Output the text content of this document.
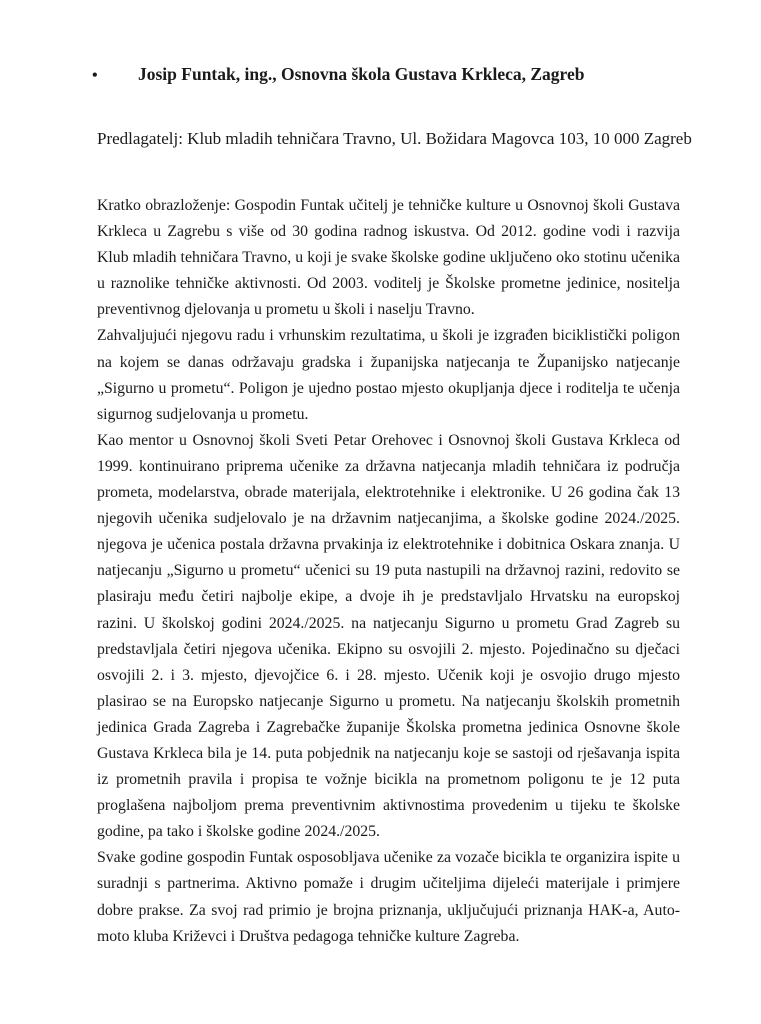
• Josip Funtak, ing., Osnovna škola Gustava Krkleca, Zagreb
Predlagatelj: Klub mladih tehničara Travno, Ul. Božidara Magovca 103, 10 000 Zagreb

Kratko obrazloženje: Gospodin Funtak učitelj je tehničke kulture u Osnovnoj školi Gustava Krkleca u Zagrebu s više od 30 godina radnog iskustva. Od 2012. godine vodi i razvija Klub mladih tehničara Travno, u koji je svake školske godine uključeno oko stotinu učenika u raznolike tehničke aktivnosti. Od 2003. voditelj je Školske prometne jedinice, nositelja preventivnog djelovanja u prometu u školi i naselju Travno.

Zahvaljujući njegovu radu i vrhunskim rezultatima, u školi je izgrađen biciklistički poligon na kojem se danas održavaju gradska i županijska natjecanja te Županijsko natjecanje „Sigurno u prometu“. Poligon je ujedno postao mjesto okupljanja djece i roditelja te učenja sigurnog sudjelovanja u prometu.

Kao mentor u Osnovnoj školi Sveti Petar Orehovec i Osnovnoj školi Gustava Krkleca od 1999. kontinuirano priprema učenike za državna natjecanja mladih tehničara iz područja prometa, modelarstva, obrade materijala, elektrotehnike i elektronike. U 26 godina čak 13 njegovih učenika sudjelovalo je na državnim natjecanjima, a školske godine 2024./2025. njegova je učenica postala državna prvakinja iz elektrotehnike i dobitnica Oskara znanja. U natjecanju „Sigurno u prometu“ učenici su 19 puta nastupili na državnoj razini, redovito se plasiraju među četiri najbolje ekipe, a dvoje ih je predstavljalo Hrvatsku na europskoj razini. U školskoj godini 2024./2025. na natjecanju Sigurno u prometu Grad Zagreb su predstavljala četiri njegova učenika. Ekipno su osvojili 2. mjesto. Pojedinačno su dječaci osvojili 2. i 3. mjesto, djevojčice 6. i 28. mjesto. Učenik koji je osvojio drugo mjesto plasirao se na Europsko natjecanje Sigurno u prometu. Na natjecanju školskih prometnih jedinica Grada Zagreba i Zagrebačke županije Školska prometna jedinica Osnovne škole Gustava Krkleca bila je 14. puta pobjednik na natjecanju koje se sastoji od rješavanja ispita iz prometnih pravila i propisa te vožnje bicikla na prometnom poligonu te je 12 puta proglašena najboljom prema preventivnim aktivnostima provedenim u tijeku te školske godine, pa tako i školske godine 2024./2025.

Svake godine gospodin Funtak osposobljava učenike za vozače bicikla te organizira ispite u suradnji s partnerima. Aktivno pomaže i drugim učiteljima dijeleći materijale i primjere dobre prakse. Za svoj rad primio je brojna priznanja, uključujući priznanja HAK-a, Auto-moto kluba Križevci i Društva pedagoga tehničke kulture Zagreba.
